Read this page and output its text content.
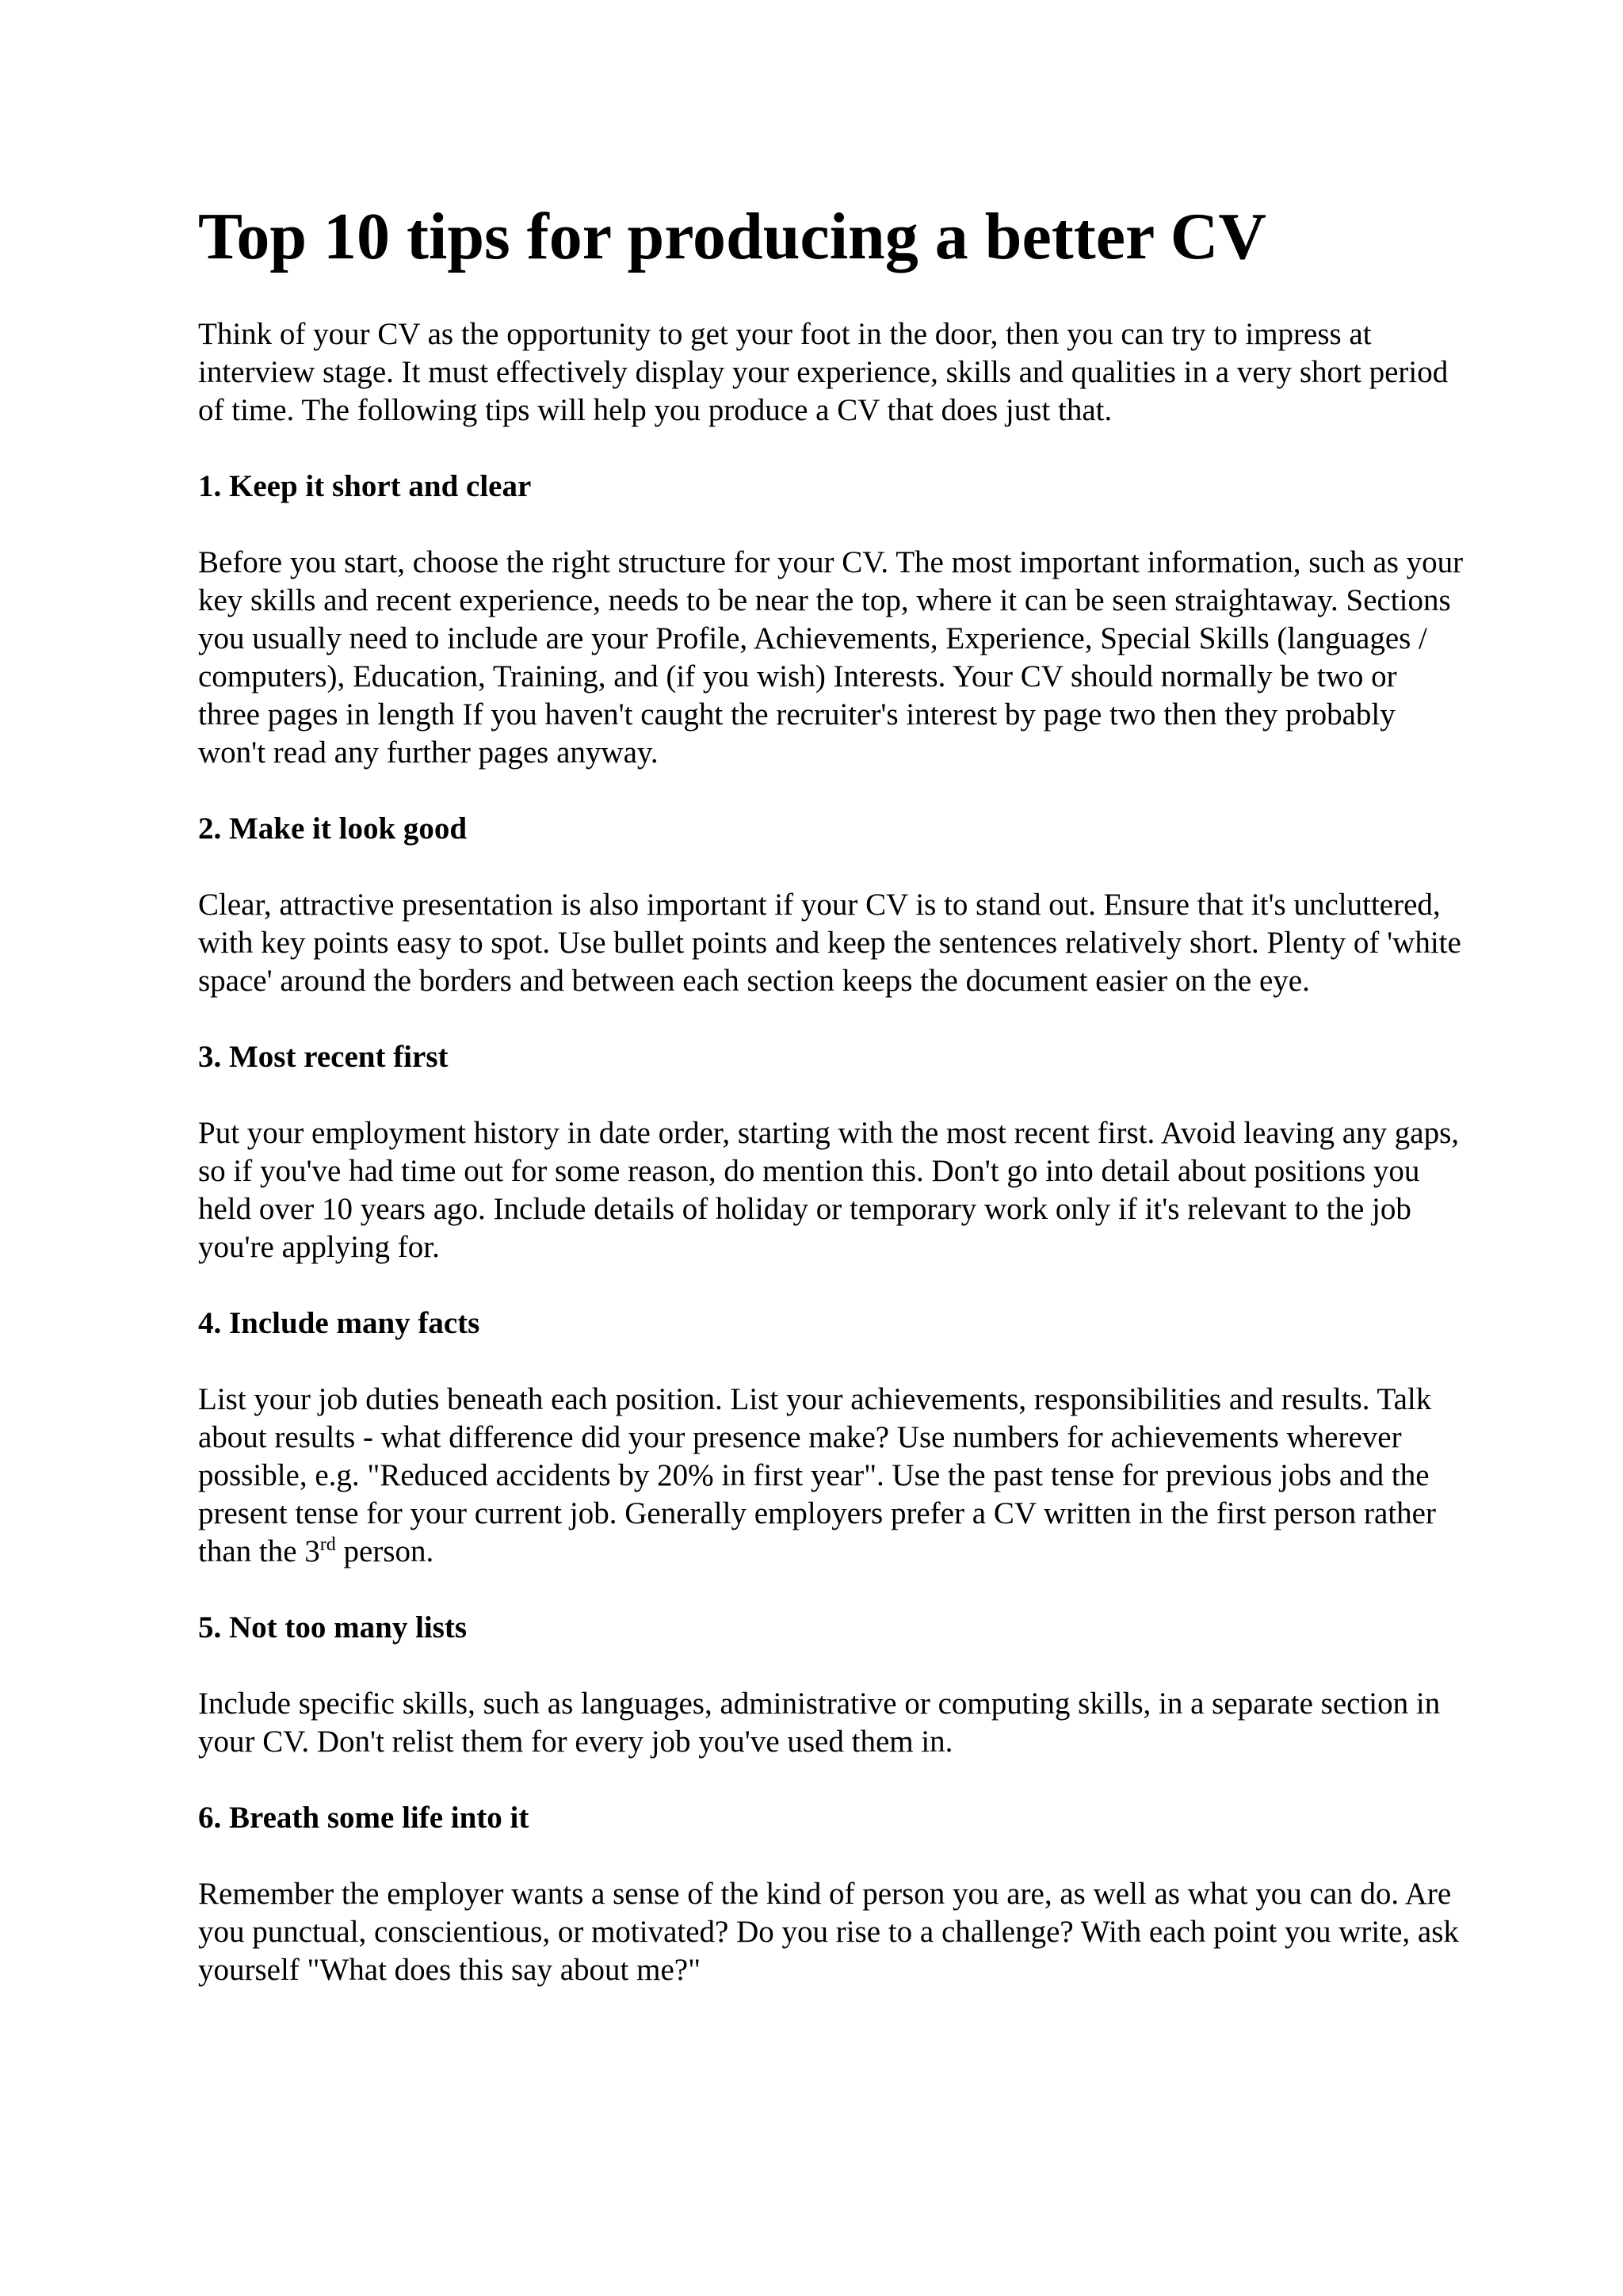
Top 10 tips for producing a better CV

Think of your CV as the opportunity to get your foot in the door, then you can try to impress at interview stage. It must effectively display your experience, skills and qualities in a very short period of time. The following tips will help you produce a CV that does just that.

1. Keep it short and clear

Before you start, choose the right structure for your CV. The most important information, such as your key skills and recent experience, needs to be near the top, where it can be seen straightaway. Sections you usually need to include are your Profile, Achievements, Experience, Special Skills (languages / computers), Education, Training, and (if you wish) Interests. Your CV should normally be two or three pages in length If you haven't caught the recruiter's interest by page two then they probably won't read any further pages anyway.

2. Make it look good

Clear, attractive presentation is also important if your CV is to stand out. Ensure that it's uncluttered, with key points easy to spot. Use bullet points and keep the sentences relatively short. Plenty of 'white space' around the borders and between each section keeps the document easier on the eye.

3. Most recent first

Put your employment history in date order, starting with the most recent first. Avoid leaving any gaps, so if you've had time out for some reason, do mention this. Don't go into detail about positions you held over 10 years ago. Include details of holiday or temporary work only if it's relevant to the job you're applying for.

4. Include many facts

List your job duties beneath each position. List your achievements, responsibilities and results. Talk about results - what difference did your presence make? Use numbers for achievements wherever possible, e.g. "Reduced accidents by 20% in first year". Use the past tense for previous jobs and the present tense for your current job. Generally employers prefer a CV written in the first person rather than the 3rd person.

5. Not too many lists

Include specific skills, such as languages, administrative or computing skills, in a separate section in your CV. Don't relist them for every job you've used them in.

6. Breath some life into it

Remember the employer wants a sense of the kind of person you are, as well as what you can do. Are you punctual, conscientious, or motivated? Do you rise to a challenge? With each point you write, ask yourself "What does this say about me?"
